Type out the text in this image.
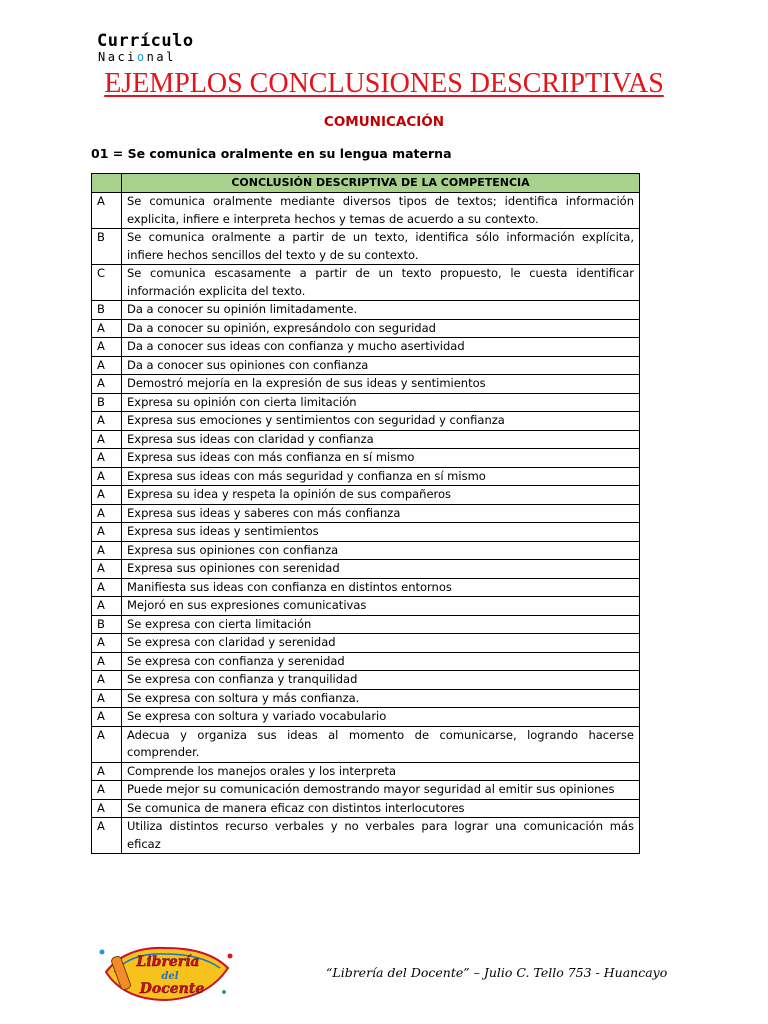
Currículo
Nacional
EJEMPLOS CONCLUSIONES DESCRIPTIVAS
COMUNICACIÓN
01 = Se comunica oralmente en su lengua materna
	CONCLUSIÓN DESCRIPTIVA DE LA COMPETENCIA
A	Se comunica oralmente mediante diversos tipos de textos; identifica información explicita, infiere e interpreta hechos y temas de acuerdo a su contexto.
B	Se comunica oralmente a partir de un texto, identifica sólo información explícita, infiere hechos sencillos del texto y de su contexto.
C	Se comunica escasamente a partir de un texto propuesto, le cuesta identificar información explicita del texto.
B	Da a conocer su opinión limitadamente.
A	Da a conocer su opinión, expresándolo con seguridad
A	Da a conocer sus ideas con confianza y mucho asertividad
A	Da a conocer sus opiniones con confianza
A	Demostró mejoría en la expresión de sus ideas y sentimientos
B	Expresa su opinión con cierta limitación
A	Expresa sus emociones y sentimientos con seguridad y confianza
A	Expresa sus ideas con claridad y confianza
A	Expresa sus ideas con más confianza en sí mismo
A	Expresa sus ideas con más seguridad y confianza en sí mismo
A	Expresa su idea y respeta la opinión de sus compañeros
A	Expresa sus ideas y saberes con más confianza
A	Expresa sus ideas y sentimientos
A	Expresa sus opiniones con confianza
A	Expresa sus opiniones con serenidad
A	Manifiesta sus ideas con confianza en distintos entornos
A	Mejoró en sus expresiones comunicativas
B	Se expresa con cierta limitación
A	Se expresa con claridad y serenidad
A	Se expresa con confianza y serenidad
A	Se expresa con confianza y tranquilidad
A	Se expresa con soltura y más confianza.
A	Se expresa con soltura y variado vocabulario
A	Adecua y organiza sus ideas al momento de comunicarse, logrando hacerse comprender.
A	Comprende los manejos orales y los interpreta
A	Puede mejor su comunicación demostrando mayor seguridad al emitir sus opiniones
A	Se comunica de manera eficaz con distintos interlocutores
A	Utiliza distintos recurso verbales y no verbales para lograr una comunicación más eficaz
Librería
del
Docente
“Librería del Docente” – Julio C. Tello 753 - Huancayo
